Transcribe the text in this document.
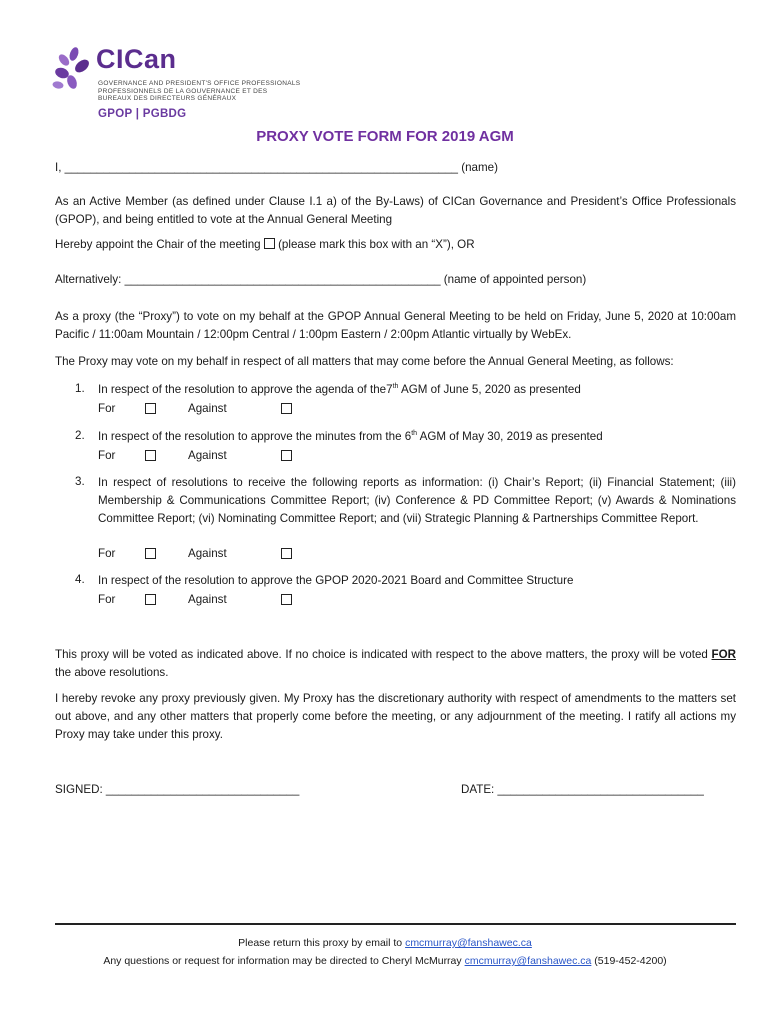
CICan
GOVERNANCE AND PRESIDENT'S OFFICE PROFESSIONALS
PROFESSIONNELS DE LA GOUVERNANCE ET DES
BUREAUX DES DIRECTEURS GÉNÉRAUX
GPOP | PGBDG
PROXY VOTE FORM FOR 2019 AGM
I, _____________________________________________________________ (name)
As an Active Member (as defined under Clause I.1 a) of the By-Laws) of CICan Governance and President’s Office Professionals (GPOP), and being entitled to vote at the Annual General Meeting
Hereby appoint the Chair of the meeting (please mark this box with an “X”), OR
Alternatively: _________________________________________________ (name of appointed person)
As a proxy (the “Proxy”) to vote on my behalf at the GPOP Annual General Meeting to be held on Friday, June 5, 2020 at 10:00am Pacific / 11:00am Mountain / 12:00pm Central / 1:00pm Eastern / 2:00pm Atlantic virtually by WebEx.
The Proxy may vote on my behalf in respect of all matters that may come before the Annual General Meeting, as follows:
1. In respect of the resolution to approve the agenda of the7th AGM of June 5, 2020 as presented
For	Against
2. In respect of the resolution to approve the minutes from the 6th AGM of May 30, 2019 as presented
For	Against
3. In respect of resolutions to receive the following reports as information: (i) Chair’s Report; (ii) Financial Statement; (iii) Membership & Communications Committee Report; (iv) Conference & PD Committee Report; (v) Awards & Nominations Committee Report; (vi) Nominating Committee Report; and (vii) Strategic Planning & Partnerships Committee Report.
For	Against
4. In respect of the resolution to approve the GPOP 2020-2021 Board and Committee Structure
For	Against
This proxy will be voted as indicated above. If no choice is indicated with respect to the above matters, the proxy will be voted FOR the above resolutions.
I hereby revoke any proxy previously given. My Proxy has the discretionary authority with respect of amendments to the matters set out above, and any other matters that properly come before the meeting, or any adjournment of the meeting. I ratify all actions my Proxy may take under this proxy.
SIGNED: ______________________________	DATE: ________________________________
Please return this proxy by email to cmcmurray@fanshawec.ca
Any questions or request for information may be directed to Cheryl McMurray cmcmurray@fanshawec.ca (519-452-4200)
